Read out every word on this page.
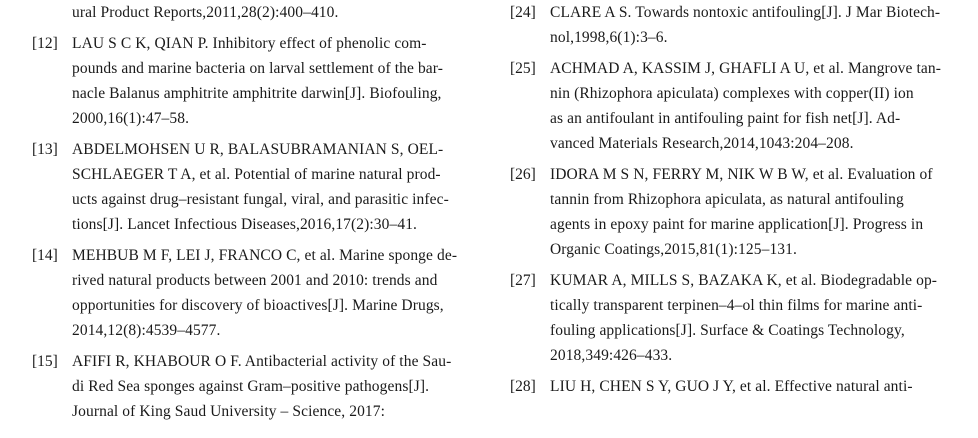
ural Product Reports,2011,28(2):400–410.
[12] LAU S C K, QIAN P. Inhibitory effect of phenolic com-
pounds and marine bacteria on larval settlement of the bar-
nacle Balanus amphitrite amphitrite darwin[J]. Biofouling,
2000,16(1):47–58.
[13] ABDELMOHSEN U R, BALASUBRAMANIAN S, OEL-
SCHLAEGER T A, et al. Potential of marine natural prod-
ucts against drug–resistant fungal, viral, and parasitic infec-
tions[J]. Lancet Infectious Diseases,2016,17(2):30–41.
[14] MEHBUB M F, LEI J, FRANCO C, et al. Marine sponge de-
rived natural products between 2001 and 2010: trends and
opportunities for discovery of bioactives[J]. Marine Drugs,
2014,12(8):4539–4577.
[15] AFIFI R, KHABOUR O F. Antibacterial activity of the Sau-
di Red Sea sponges against Gram–positive pathogens[J].
Journal of King Saud University – Science, 2017:
[24] CLARE A S. Towards nontoxic antifouling[J]. J Mar Biotech-
nol,1998,6(1):3–6.
[25] ACHMAD A, KASSIM J, GHAFLI A U, et al. Mangrove tan-
nin (Rhizophora apiculata) complexes with copper(II) ion
as an antifoulant in antifouling paint for fish net[J]. Ad-
vanced Materials Research,2014,1043:204–208.
[26] IDORA M S N, FERRY M, NIK W B W, et al. Evaluation of
tannin from Rhizophora apiculata, as natural antifouling
agents in epoxy paint for marine application[J]. Progress in
Organic Coatings,2015,81(1):125–131.
[27] KUMAR A, MILLS S, BAZAKA K, et al. Biodegradable op-
tically transparent terpinen–4–ol thin films for marine anti-
fouling applications[J]. Surface & Coatings Technology,
2018,349:426–433.
[28] LIU H, CHEN S Y, GUO J Y, et al. Effective natural anti-
